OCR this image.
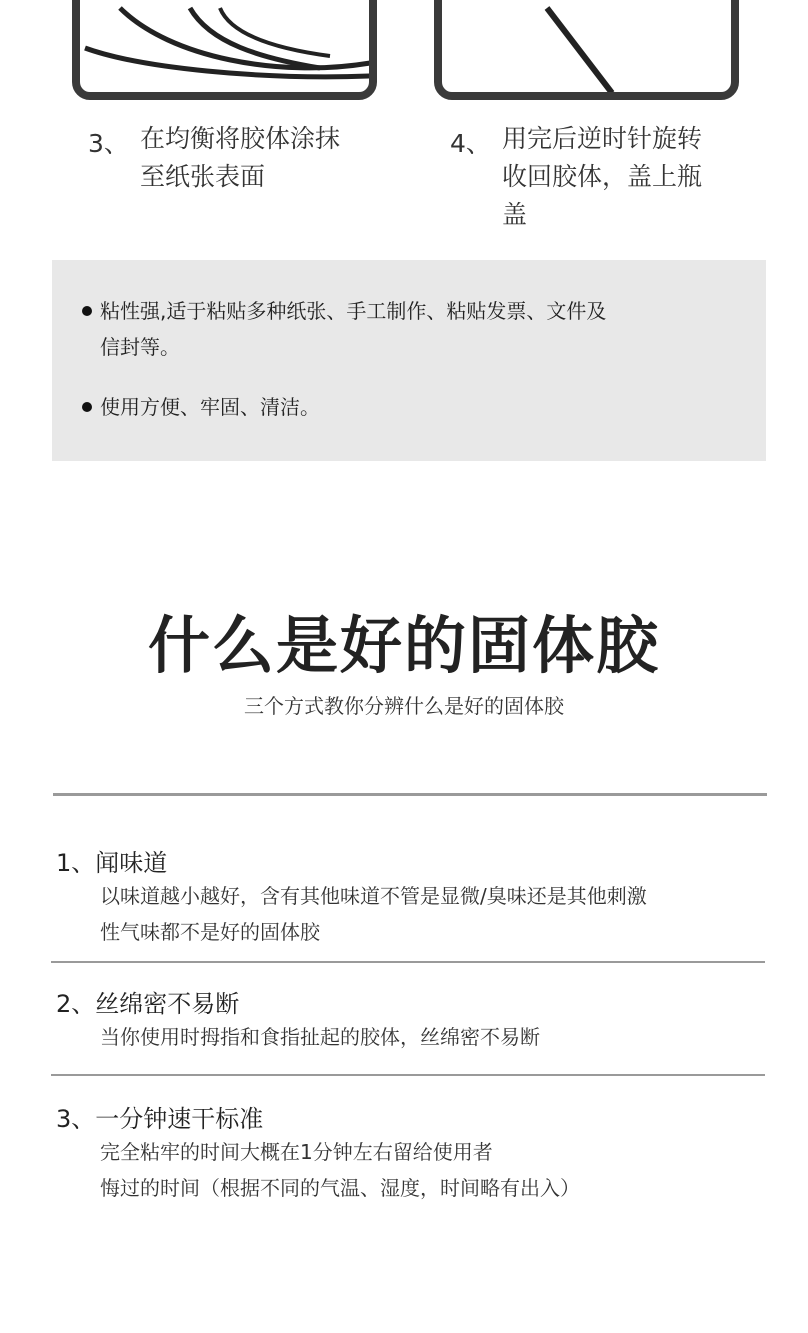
3、 在均衡将胶体涂抹
至纸张表面
4、 用完后逆时针旋转
收回胶体，盖上瓶
盖
粘性强,适于粘贴多种纸张、手工制作、粘贴发票、文件及
信封等。
使用方便、牢固、清洁。
什么是好的固体胶
三个方式教你分辨什么是好的固体胶
1、闻味道
以味道越小越好，含有其他味道不管是显微/臭味还是其他刺激
性气味都不是好的固体胶
2、丝绵密不易断
当你使用时拇指和食指扯起的胶体，丝绵密不易断
3、一分钟速干标准
完全粘牢的时间大概在1分钟左右留给使用者
悔过的时间（根据不同的气温、湿度，时间略有出入）
